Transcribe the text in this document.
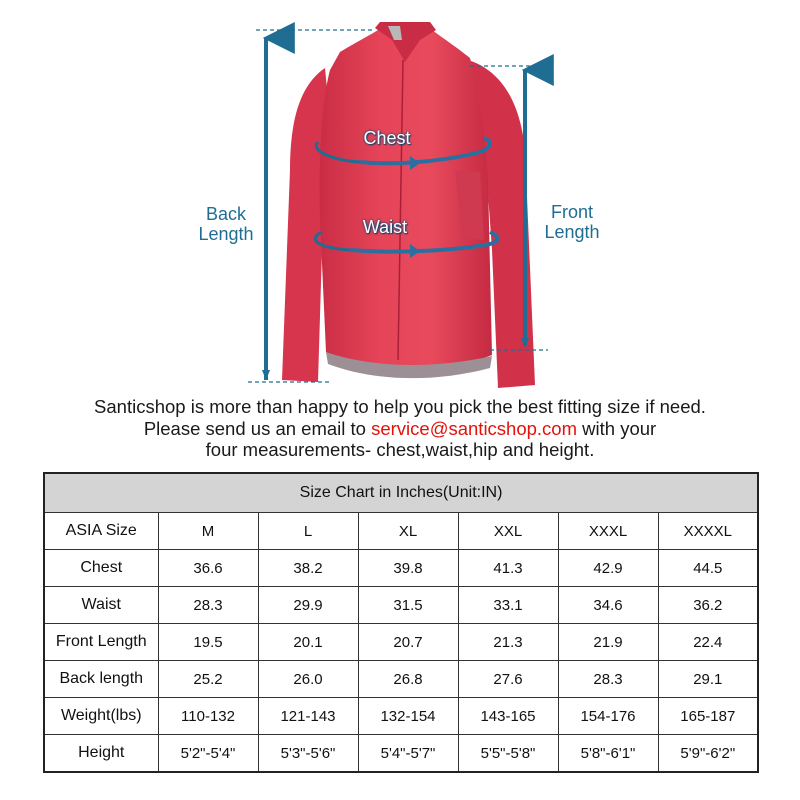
Back
Length
Front
Length
Chest
Waist
Santicshop is more than happy to help you pick the best fitting size if need.
Please send us an email to service@santicshop.com with your
four measurements- chest,waist,hip and height.
Size Chart in Inches(Unit:IN)						
ASIA Size	M	L	XL	XXL	XXXL	XXXXL
Chest	36.6	38.2	39.8	41.3	42.9	44.5
Waist	28.3	29.9	31.5	33.1	34.6	36.2
Front Length	19.5	20.1	20.7	21.3	21.9	22.4
Back length	25.2	26.0	26.8	27.6	28.3	29.1
Weight(lbs)	110-132	121-143	132-154	143-165	154-176	165-187
Height	5'2"-5'4"	5'3"-5'6"	5'4"-5'7"	5'5"-5'8"	5'8"-6'1"	5'9"-6'2"
